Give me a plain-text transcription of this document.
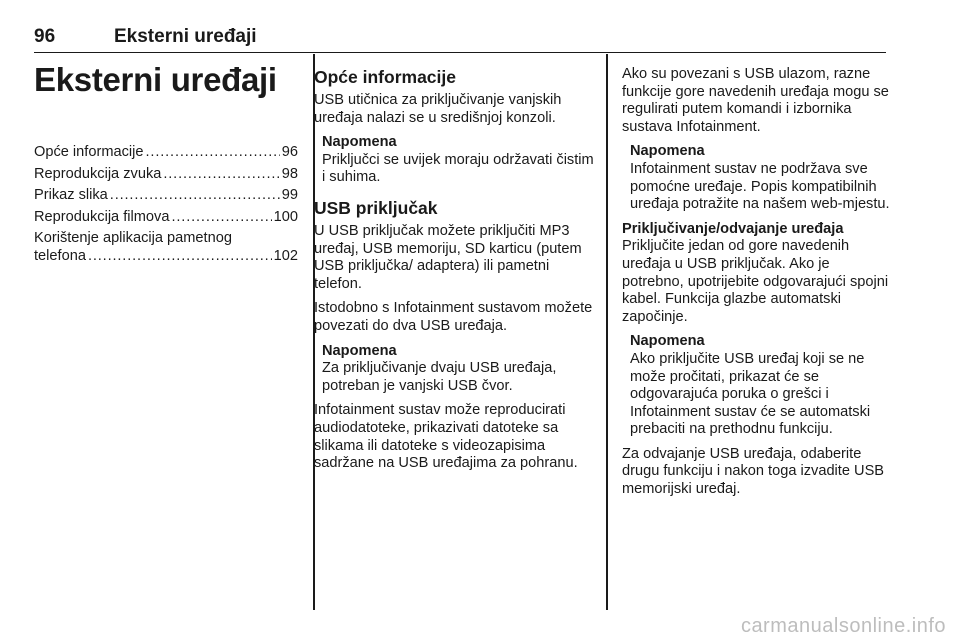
96	Eksterni uređaji
Eksterni uređaji
Opće informacije . . .	96
Reprodukcija zvuka . . .	98
Prikaz slika . . .	99
Reprodukcija filmova . . .	100
Korištenje aplikacija pametnog
telefona . . .	102
Opće informacije

USB utičnica za priključivanje vanjskih uređaja nalazi se u središnjoj konzoli.

Napomena
Priključci se uvijek moraju održavati čistim i suhima.
USB priključak

U USB priključak možete priključiti MP3 uređaj, USB memoriju, SD karticu (putem USB priključka/ adaptera) ili pametni telefon.

Istodobno s Infotainment sustavom možete povezati do dva USB uređaja.

Napomena
Za priključivanje dvaju USB uređaja, potreban je vanjski USB čvor.

Infotainment sustav može reproducirati audiodatoteke, prikazivati datoteke sa slikama ili datoteke s videozapisima sadržane na USB uređajima za pohranu.

Ako su povezani s USB ulazom, razne funkcije gore navedenih uređaja mogu se regulirati putem komandi i izbornika sustava Infotainment.

Napomena
Infotainment sustav ne podržava sve pomoćne uređaje. Popis kompatibilnih uređaja potražite na našem web-mjestu.
Priključivanje/odvajanje uređaja

Priključite jedan od gore navedenih uređaja u USB priključak. Ako je potrebno, upotrijebite odgovarajući spojni kabel. Funkcija glazbe automatski započinje.

Napomena
Ako priključite USB uređaj koji se ne može pročitati, prikazat će se odgovarajuća poruka o grešci i Infotainment sustav će se automatski prebaciti na prethodnu funkciju.

Za odvajanje USB uređaja, odaberite drugu funkciju i nakon toga izvadite USB memorijski uređaj.

carmanualsonline.info
